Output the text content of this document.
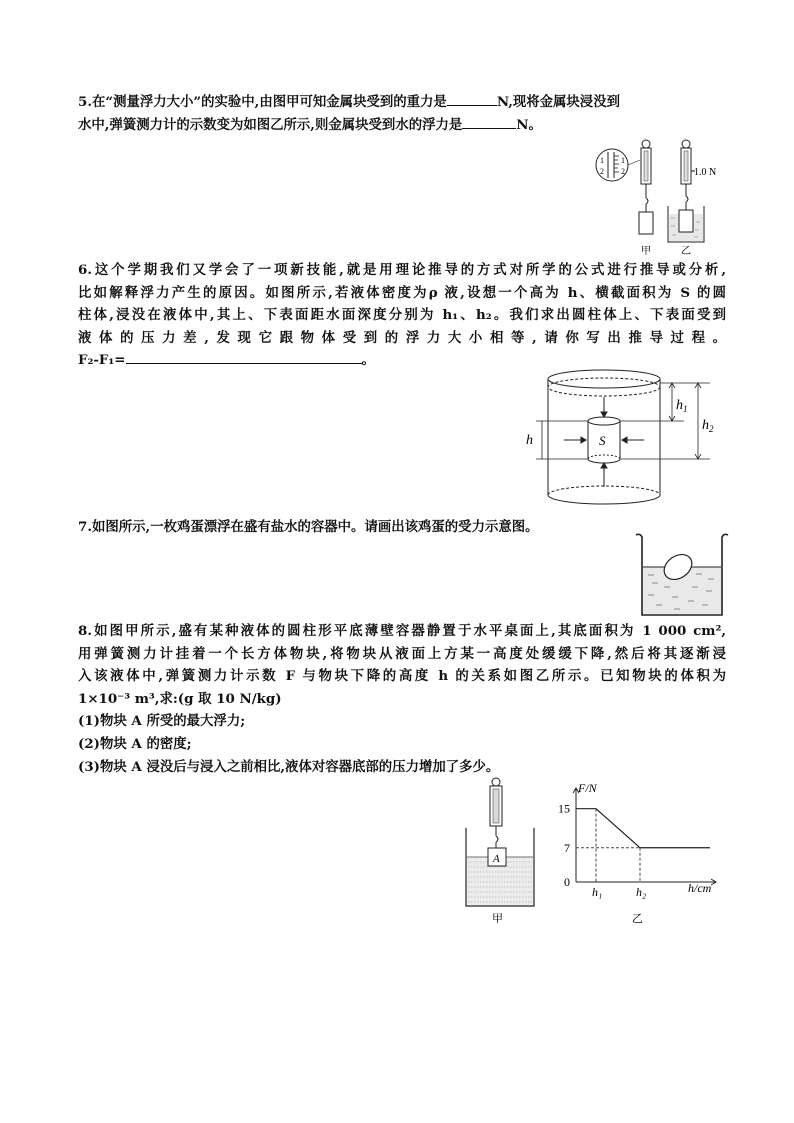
5.在“测量浮力大小”的实验中,由图甲可知金属块受到的重力是	N,现将金属块浸没到
水中,弹簧测力计的示数变为如图乙所示,则金属块受到水的浮力是	N。
1
2
1
2	1.0 N
甲	乙
6.这个学期我们又学会了一项新技能,就是用理论推导的方式对所学的公式进行推导或分析,
比如解释浮力产生的原因。如图所示,若液体密度为ρ 液,设想一个高为 h、横截面积为 S 的圆
柱体,浸没在液体中,其上、下表面距水面深度分别为 h₁、h₂。我们求出圆柱体上、下表面受到
液体的压力差,发现它跟物体受到的浮力大小相等,请你写出推导过程。
F₂-F₁=	。
S
h
$h_1$
$h_2$
7.如图所示,一枚鸡蛋漂浮在盛有盐水的容器中。请画出该鸡蛋的受力示意图。
8.如图甲所示,盛有某种液体的圆柱形平底薄壁容器静置于水平桌面上,其底面积为 1 000 cm²,
用弹簧测力计挂着一个长方体物块,将物块从液面上方某一高度处缓缓下降,然后将其逐渐浸
入该液体中,弹簧测力计示数 F 与物块下降的高度 h 的关系如图乙所示。已知物块的体积为
1×10⁻³ m³,求:(g 取 10 N/kg)
(1)物块 A 所受的最大浮力;
(2)物块 A 的密度;
(3)物块 A 浸没后与浸入之前相比,液体对容器底部的压力增加了多少。
A
甲
0
7
15
h₁	h₂
F/N
h/cm
乙
